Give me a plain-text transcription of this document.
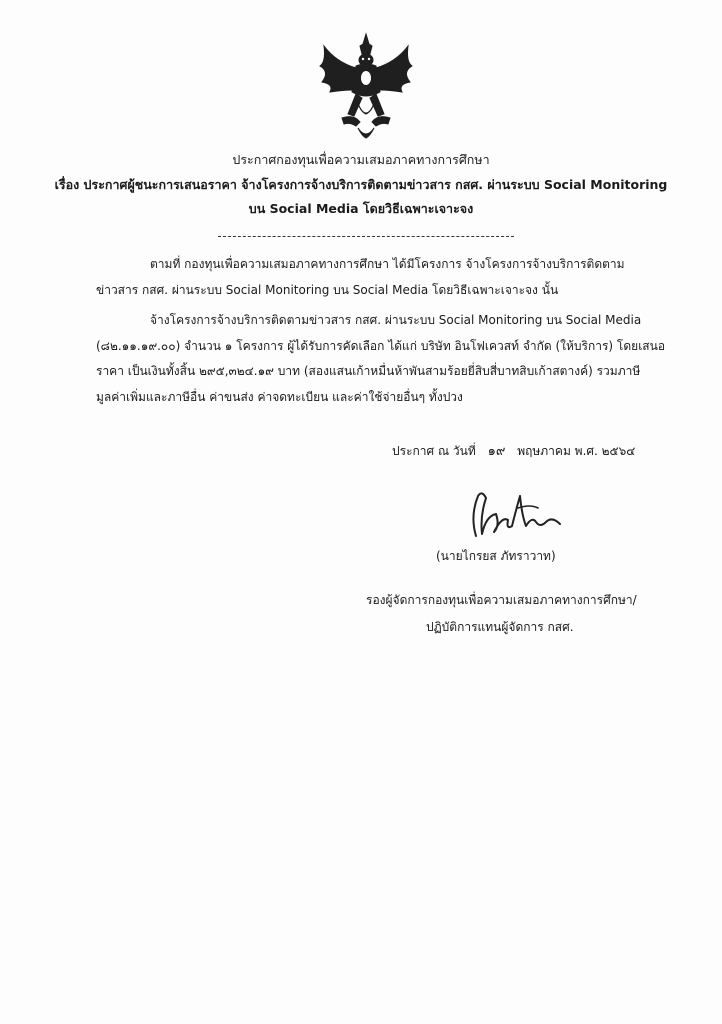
ประกาศกองทุนเพื่อความเสมอภาคทางการศึกษา
เรื่อง ประกาศผู้ชนะการเสนอราคา จ้างโครงการจ้างบริการติดตามข่าวสาร กสศ. ผ่านระบบ Social Monitoring
บน Social Media โดยวิธีเฉพาะเจาะจง
ตามที่ กองทุนเพื่อความเสมอภาคทางการศึกษา ได้มีโครงการ จ้างโครงการจ้างบริการติดตาม
ข่าวสาร กสศ. ผ่านระบบ Social Monitoring บน Social Media โดยวิธีเฉพาะเจาะจง นั้น
จ้างโครงการจ้างบริการติดตามข่าวสาร กสศ. ผ่านระบบ Social Monitoring บน Social Media
(๘๒.๑๑.๑๙.๐๐) จำนวน ๑ โครงการ ผู้ได้รับการคัดเลือก ได้แก่ บริษัท อินโฟเควสท์ จำกัด (ให้บริการ) โดยเสนอ
ราคา เป็นเงินทั้งสิ้น ๒๙๕,๓๒๔.๑๙ บาท (สองแสนเก้าหมื่นห้าพันสามร้อยยี่สิบสี่บาทสิบเก้าสตางค์) รวมภาษี
มูลค่าเพิ่มและภาษีอื่น ค่าขนส่ง ค่าจดทะเบียน และค่าใช้จ่ายอื่นๆ ทั้งปวง
ประกาศ ณ วันที่ ๑๙ พฤษภาคม พ.ศ. ๒๕๖๔
(นายไกรยส ภัทราวาท)
รองผู้จัดการกองทุนเพื่อความเสมอภาคทางการศึกษา/
ปฏิบัติการแทนผู้จัดการ กสศ.
